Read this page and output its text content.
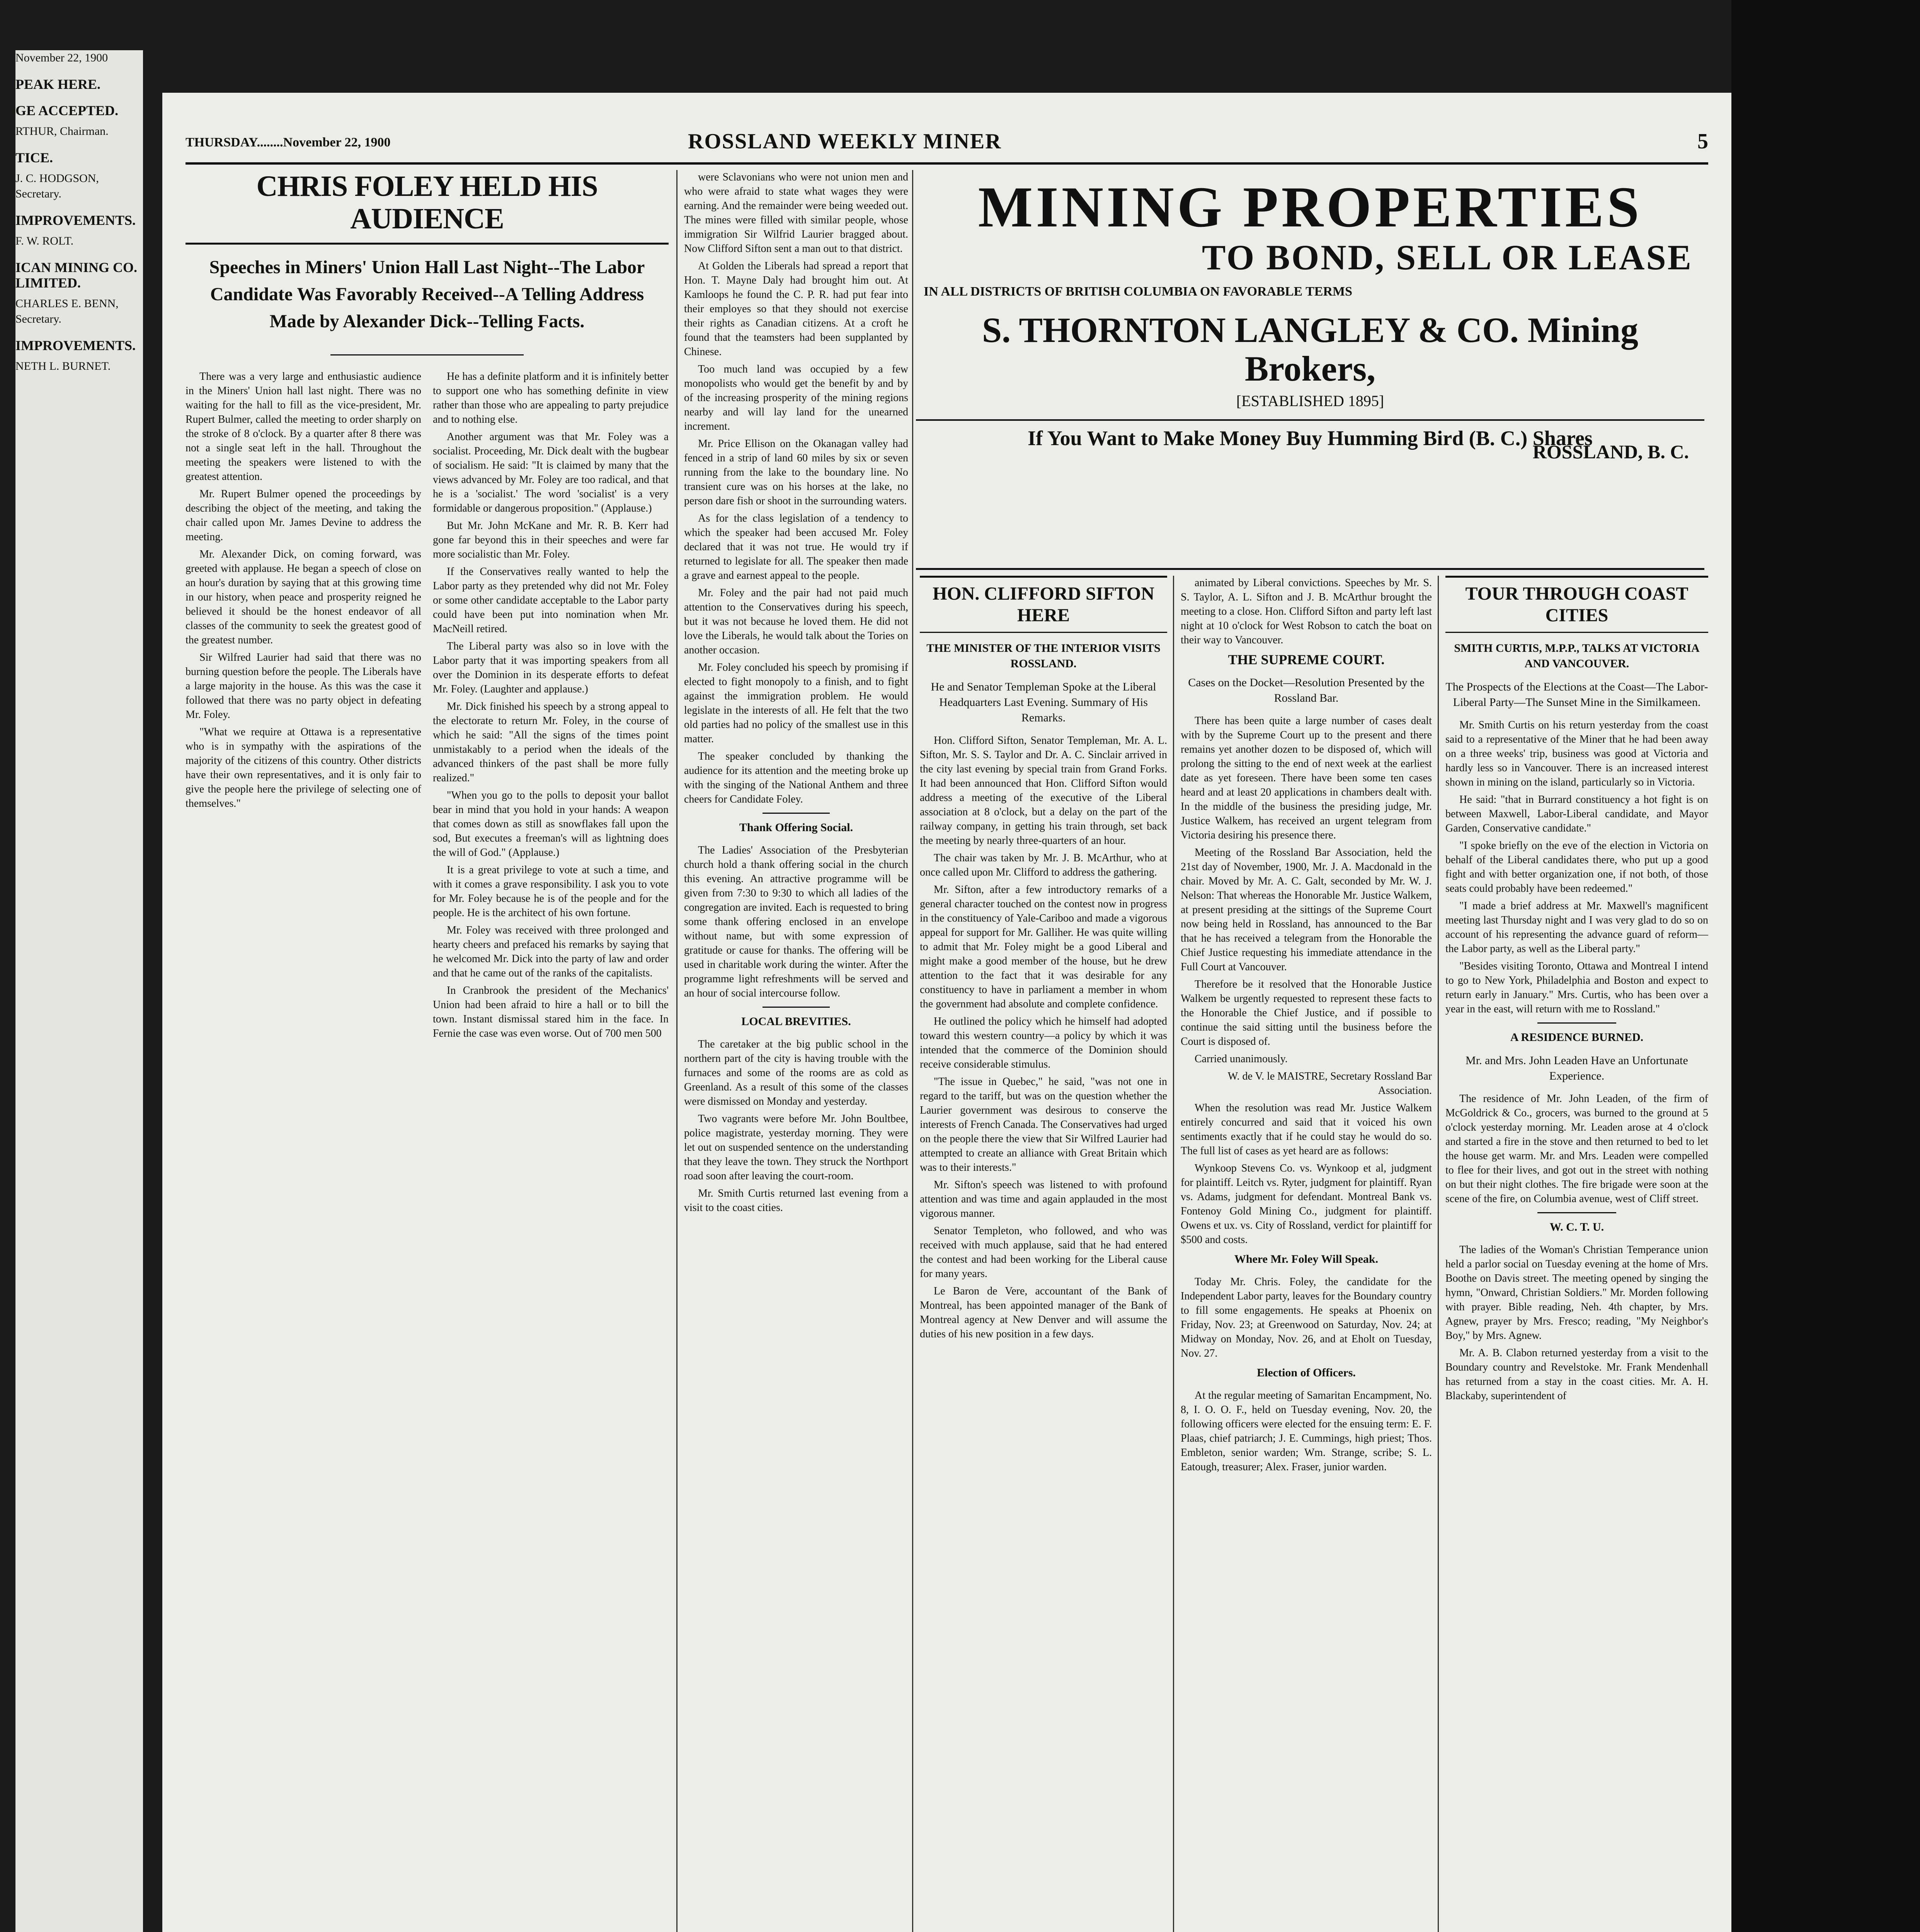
November 22, 1900

PEAK HERE.

GE ACCEPTED.

RTHUR, Chairman.

TICE.

J. C. HODGSON, Secretary.

IMPROVEMENTS.

F. W. ROLT.

ICAN MINING CO. LIMITED.

CHARLES E. BENN, Secretary.

IMPROVEMENTS.

NETH L. BURNET.

THURSDAY........November 22, 1900	ROSSLAND WEEKLY MINER	5
CHRIS FOLEY HELD HIS AUDIENCE
Speeches in Miners' Union Hall Last Night--The Labor Candidate Was Favorably Received--A Telling Address Made by Alexander Dick--Telling Facts.

There was a very large and enthusiastic audience in the Miners' Union hall last night. There was no waiting for the hall to fill as the vice-president, Mr. Rupert Bulmer, called the meeting to order sharply on the stroke of 8 o'clock. By a quarter after 8 there was not a single seat left in the hall. Throughout the meeting the speakers were listened to with the greatest attention.

Mr. Rupert Bulmer opened the proceedings by describing the object of the meeting, and taking the chair called upon Mr. James Devine to address the meeting.

Mr. Alexander Dick, on coming forward, was greeted with applause. He began a speech of close on an hour's duration by saying that at this growing time in our history, when peace and prosperity reigned he believed it should be the honest endeavor of all classes of the community to seek the greatest good of the greatest number.

Sir Wilfred Laurier had said that there was no burning question before the people. The Liberals have a large majority in the house. As this was the case it followed that there was no party object in defeating Mr. Foley.

"What we require at Ottawa is a representative who is in sympathy with the aspirations of the majority of the citizens of this country. Other districts have their own representatives, and it is only fair to give the people here the privilege of selecting one of themselves."

He has a definite platform and it is infinitely better to support one who has something definite in view rather than those who are appealing to party prejudice and to nothing else.

Another argument was that Mr. Foley was a socialist. Proceeding, Mr. Dick dealt with the bugbear of socialism. He said: "It is claimed by many that the views advanced by Mr. Foley are too radical, and that he is a 'socialist.' The word 'socialist' is a very formidable or dangerous proposition." (Applause.)

But Mr. John McKane and Mr. R. B. Kerr had gone far beyond this in their speeches and were far more socialistic than Mr. Foley.

If the Conservatives really wanted to help the Labor party as they pretended why did not Mr. Foley or some other candidate acceptable to the Labor party could have been put into nomination when Mr. MacNeill retired.

The Liberal party was also so in love with the Labor party that it was importing speakers from all over the Dominion in its desperate efforts to defeat Mr. Foley. (Laughter and applause.)

Mr. Dick finished his speech by a strong appeal to the electorate to return Mr. Foley, in the course of which he said: "All the signs of the times point unmistakably to a period when the ideals of the advanced thinkers of the past shall be more fully realized."

"When you go to the polls to deposit your ballot bear in mind that you hold in your hands: A weapon that comes down as still as snowflakes fall upon the sod, But executes a freeman's will as lightning does the will of God." (Applause.)

It is a great privilege to vote at such a time, and with it comes a grave responsibility. I ask you to vote for Mr. Foley because he is of the people and for the people. He is the architect of his own fortune.

Mr. Foley was received with three prolonged and hearty cheers and prefaced his remarks by saying that he welcomed Mr. Dick into the party of law and order and that he came out of the ranks of the capitalists.

In Cranbrook the president of the Mechanics' Union had been afraid to hire a hall or to bill the town. Instant dismissal stared him in the face. In Fernie the case was even worse. Out of 700 men 500

were Sclavonians who were not union men and who were afraid to state what wages they were earning. And the remainder were being weeded out. The mines were filled with similar people, whose immigration Sir Wilfrid Laurier bragged about. Now Clifford Sifton sent a man out to that district.

At Golden the Liberals had spread a report that Hon. T. Mayne Daly had brought him out. At Kamloops he found the C. P. R. had put fear into their employes so that they should not exercise their rights as Canadian citizens. At a croft he found that the teamsters had been supplanted by Chinese.

Too much land was occupied by a few monopolists who would get the benefit by and by of the increasing prosperity of the mining regions nearby and will lay land for the unearned increment.

Mr. Price Ellison on the Okanagan valley had fenced in a strip of land 60 miles by six or seven running from the lake to the boundary line. No transient cure was on his horses at the lake, no person dare fish or shoot in the surrounding waters.

As for the class legislation of a tendency to which the speaker had been accused Mr. Foley declared that it was not true. He would try if returned to legislate for all. The speaker then made a grave and earnest appeal to the people.

Mr. Foley and the pair had not paid much attention to the Conservatives during his speech, but it was not because he loved them. He did not love the Liberals, he would talk about the Tories on another occasion.

Mr. Foley concluded his speech by promising if elected to fight monopoly to a finish, and to fight against the immigration problem. He would legislate in the interests of all. He felt that the two old parties had no policy of the smallest use in this matter.

The speaker concluded by thanking the audience for its attention and the meeting broke up with the singing of the National Anthem and three cheers for Candidate Foley.

Thank Offering Social.

The Ladies' Association of the Presbyterian church hold a thank offering social in the church this evening. An attractive programme will be given from 7:30 to 9:30 to which all ladies of the congregation are invited. Each is requested to bring some thank offering enclosed in an envelope without name, but with some expression of gratitude or cause for thanks. The offering will be used in charitable work during the winter. After the programme light refreshments will be served and an hour of social intercourse follow.

LOCAL BREVITIES.

The caretaker at the big public school in the northern part of the city is having trouble with the furnaces and some of the rooms are as cold as Greenland. As a result of this some of the classes were dismissed on Monday and yesterday.

Two vagrants were before Mr. John Boultbee, police magistrate, yesterday morning. They were let out on suspended sentence on the understanding that they leave the town. They struck the Northport road soon after leaving the court-room.

Mr. Smith Curtis returned last evening from a visit to the coast cities.

MINING PROPERTIES
TO BOND, SELL OR LEASE
IN ALL DISTRICTS OF BRITISH COLUMBIA ON FAVORABLE TERMS
S. THORNTON LANGLEY & CO. Mining Brokers,
[ESTABLISHED 1895]
ROSSLAND, B. C.
If You Want to Make Money Buy Humming Bird (B. C.) Shares
HON. CLIFFORD SIFTON HERE
THE MINISTER OF THE INTERIOR VISITS ROSSLAND.
He and Senator Templeman Spoke at the Liberal Headquarters Last Evening. Summary of His Remarks.

Hon. Clifford Sifton, Senator Templeman, Mr. A. L. Sifton, Mr. S. S. Taylor and Dr. A. C. Sinclair arrived in the city last evening by special train from Grand Forks. It had been announced that Hon. Clifford Sifton would address a meeting of the executive of the Liberal association at 8 o'clock, but a delay on the part of the railway company, in getting his train through, set back the meeting by nearly three-quarters of an hour.

The chair was taken by Mr. J. B. McArthur, who at once called upon Mr. Clifford to address the gathering.

Mr. Sifton, after a few introductory remarks of a general character touched on the contest now in progress in the constituency of Yale-Cariboo and made a vigorous appeal for support for Mr. Galliher. He was quite willing to admit that Mr. Foley might be a good Liberal and might make a good member of the house, but he drew attention to the fact that it was desirable for any constituency to have in parliament a member in whom the government had absolute and complete confidence.

He outlined the policy which he himself had adopted toward this western country—a policy by which it was intended that the commerce of the Dominion should receive considerable stimulus.

"The issue in Quebec," he said, "was not one in regard to the tariff, but was on the question whether the Laurier government was desirous to conserve the interests of French Canada. The Conservatives had urged on the people there the view that Sir Wilfred Laurier had attempted to create an alliance with Great Britain which was to their interests."

Mr. Sifton's speech was listened to with profound attention and was time and again applauded in the most vigorous manner.

Senator Templeton, who followed, and who was received with much applause, said that he had entered the contest and had been working for the Liberal cause for many years.

Le Baron de Vere, accountant of the Bank of Montreal, has been appointed manager of the Bank of Montreal agency at New Denver and will assume the duties of his new position in a few days.

animated by Liberal convictions. Speeches by Mr. S. S. Taylor, A. L. Sifton and J. B. McArthur brought the meeting to a close. Hon. Clifford Sifton and party left last night at 10 o'clock for West Robson to catch the boat on their way to Vancouver.

THE SUPREME COURT.
Cases on the Docket—Resolution Presented by the Rossland Bar.

There has been quite a large number of cases dealt with by the Supreme Court up to the present and there remains yet another dozen to be disposed of, which will prolong the sitting to the end of next week at the earliest date as yet foreseen. There have been some ten cases heard and at least 20 applications in chambers dealt with. In the middle of the business the presiding judge, Mr. Justice Walkem, has received an urgent telegram from Victoria desiring his presence there.

Meeting of the Rossland Bar Association, held the 21st day of November, 1900, Mr. J. A. Macdonald in the chair. Moved by Mr. A. C. Galt, seconded by Mr. W. J. Nelson: That whereas the Honorable Mr. Justice Walkem, at present presiding at the sittings of the Supreme Court now being held in Rossland, has announced to the Bar that he has received a telegram from the Honorable the Chief Justice requesting his immediate attendance in the Full Court at Vancouver.

Therefore be it resolved that the Honorable Justice Walkem be urgently requested to represent these facts to the Honorable the Chief Justice, and if possible to continue the said sitting until the business before the Court is disposed of.

Carried unanimously.

W. de V. le MAISTRE, Secretary Rossland Bar Association.

When the resolution was read Mr. Justice Walkem entirely concurred and said that it voiced his own sentiments exactly that if he could stay he would do so. The full list of cases as yet heard are as follows:

Wynkoop Stevens Co. vs. Wynkoop et al, judgment for plaintiff. Leitch vs. Ryter, judgment for plaintiff. Ryan vs. Adams, judgment for defendant. Montreal Bank vs. Fontenoy Gold Mining Co., judgment for plaintiff. Owens et ux. vs. City of Rossland, verdict for plaintiff for $500 and costs.

Where Mr. Foley Will Speak.

Today Mr. Chris. Foley, the candidate for the Independent Labor party, leaves for the Boundary country to fill some engagements. He speaks at Phoenix on Friday, Nov. 23; at Greenwood on Saturday, Nov. 24; at Midway on Monday, Nov. 26, and at Eholt on Tuesday, Nov. 27.

Election of Officers.

At the regular meeting of Samaritan Encampment, No. 8, I. O. O. F., held on Tuesday evening, Nov. 20, the following officers were elected for the ensuing term: E. F. Plaas, chief patriarch; J. E. Cummings, high priest; Thos. Embleton, senior warden; Wm. Strange, scribe; S. L. Eatough, treasurer; Alex. Fraser, junior warden.

TOUR THROUGH COAST CITIES
SMITH CURTIS, M.P.P., TALKS AT VICTORIA AND VANCOUVER.
The Prospects of the Elections at the Coast—The Labor-Liberal Party—The Sunset Mine in the Similkameen.

Mr. Smith Curtis on his return yesterday from the coast said to a representative of the Miner that he had been away on a three weeks' trip, business was good at Victoria and hardly less so in Vancouver. There is an increased interest shown in mining on the island, particularly so in Victoria.

He said: "that in Burrard constituency a hot fight is on between Maxwell, Labor-Liberal candidate, and Mayor Garden, Conservative candidate."

"I spoke briefly on the eve of the election in Victoria on behalf of the Liberal candidates there, who put up a good fight and with better organization one, if not both, of those seats could probably have been redeemed."

"I made a brief address at Mr. Maxwell's magnificent meeting last Thursday night and I was very glad to do so on account of his representing the advance guard of reform—the Labor party, as well as the Liberal party."

"Besides visiting Toronto, Ottawa and Montreal I intend to go to New York, Philadelphia and Boston and expect to return early in January." Mrs. Curtis, who has been over a year in the east, will return with me to Rossland."

A RESIDENCE BURNED.
Mr. and Mrs. John Leaden Have an Unfortunate Experience.

The residence of Mr. John Leaden, of the firm of McGoldrick & Co., grocers, was burned to the ground at 5 o'clock yesterday morning. Mr. Leaden arose at 4 o'clock and started a fire in the stove and then returned to bed to let the house get warm. Mr. and Mrs. Leaden were compelled to flee for their lives, and got out in the street with nothing on but their night clothes. The fire brigade were soon at the scene of the fire, on Columbia avenue, west of Cliff street.

W. C. T. U.

The ladies of the Woman's Christian Temperance union held a parlor social on Tuesday evening at the home of Mrs. Boothe on Davis street. The meeting opened by singing the hymn, "Onward, Christian Soldiers." Mr. Morden following with prayer. Bible reading, Neh. 4th chapter, by Mrs. Agnew, prayer by Mrs. Fresco; reading, "My Neighbor's Boy," by Mrs. Agnew.

Mr. A. B. Clabon returned yesterday from a visit to the Boundary country and Revelstoke. Mr. Frank Mendenhall has returned from a stay in the coast cities. Mr. A. H. Blackaby, superintendent of
